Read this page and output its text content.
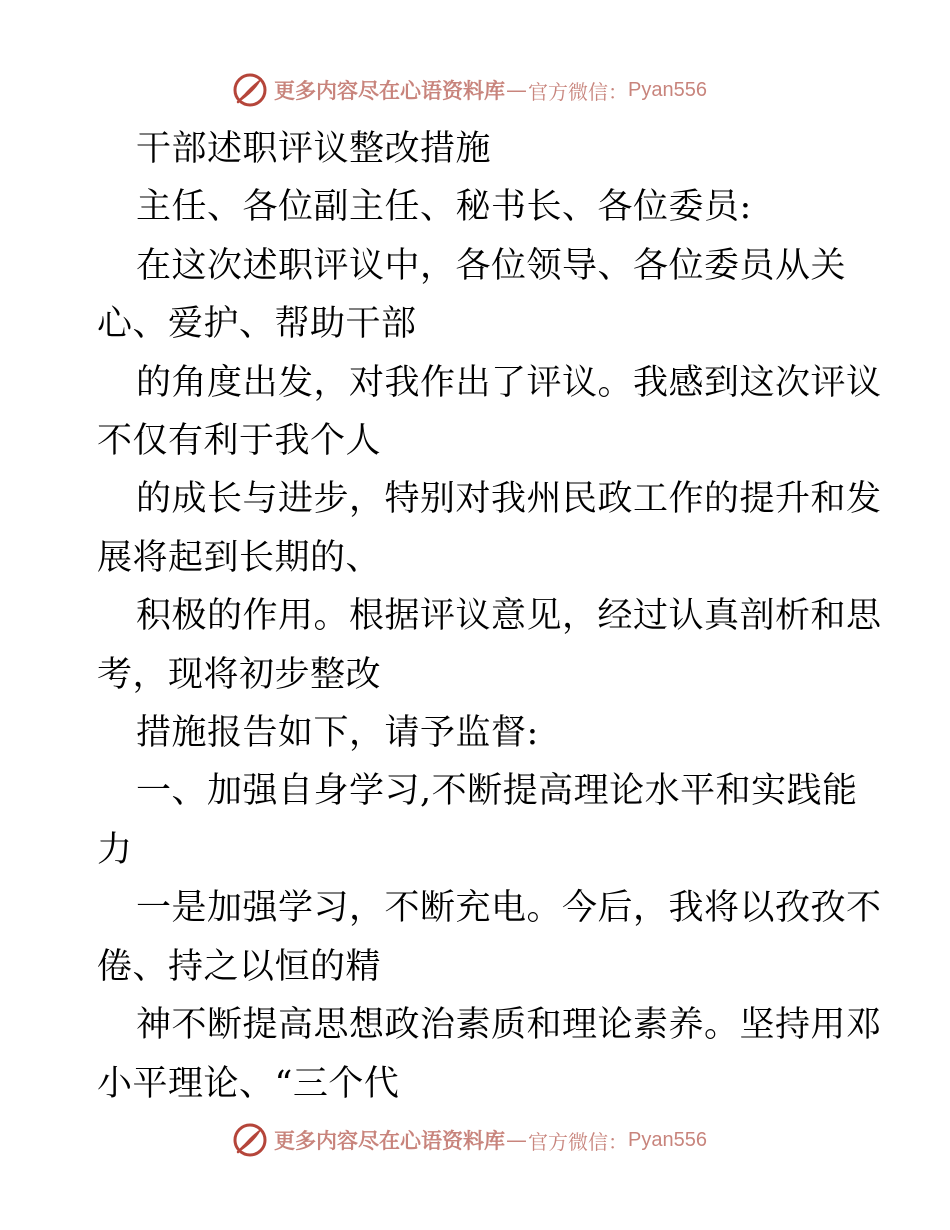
更多内容尽在心语资料库 — 官方微信： Pyan556
干部述职评议整改措施
主任、各位副主任、秘书长、各位委员:
在这次述职评议中，各位领导、各位委员从关
心、爱护、帮助干部
的角度出发，对我作出了评议。我感到这次评议
不仅有利于我个人
的成长与进步，特别对我州民政工作的提升和发
展将起到长期的、
积极的作用。根据评议意见，经过认真剖析和思
考，现将初步整改
措施报告如下，请予监督:
一、加强自身学习,不断提高理论水平和实践能
力
一是加强学习，不断充电。今后，我将以孜孜不
倦、持之以恒的精
神不断提高思想政治素质和理论素养。坚持用邓
小平理论、“三个代
更多内容尽在心语资料库 — 官方微信： Pyan556
